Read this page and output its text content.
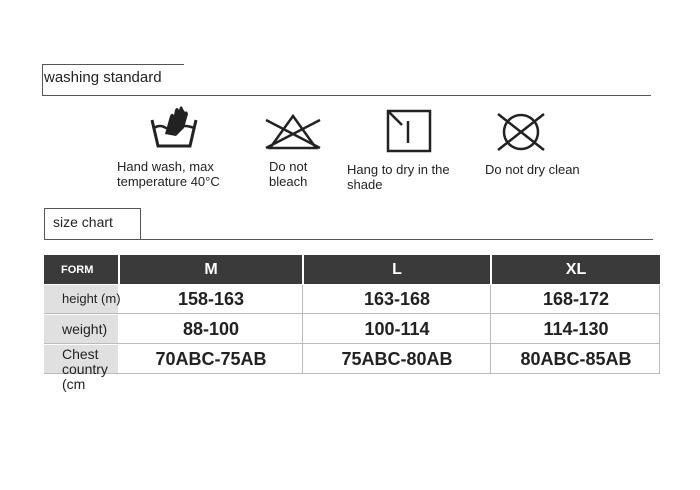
washing standard
Hand wash, max
temperature 40°C
Do not
bleach
Hang to dry in the
shade
Do not dry clean
size chart
FORM	M	L	XL
height (m)	158-163	163-168	168-172
weight)	88-100	100-114	114-130
Chest
country
(cm
70ABC-75AB	75ABC-80AB	80ABC-85AB
